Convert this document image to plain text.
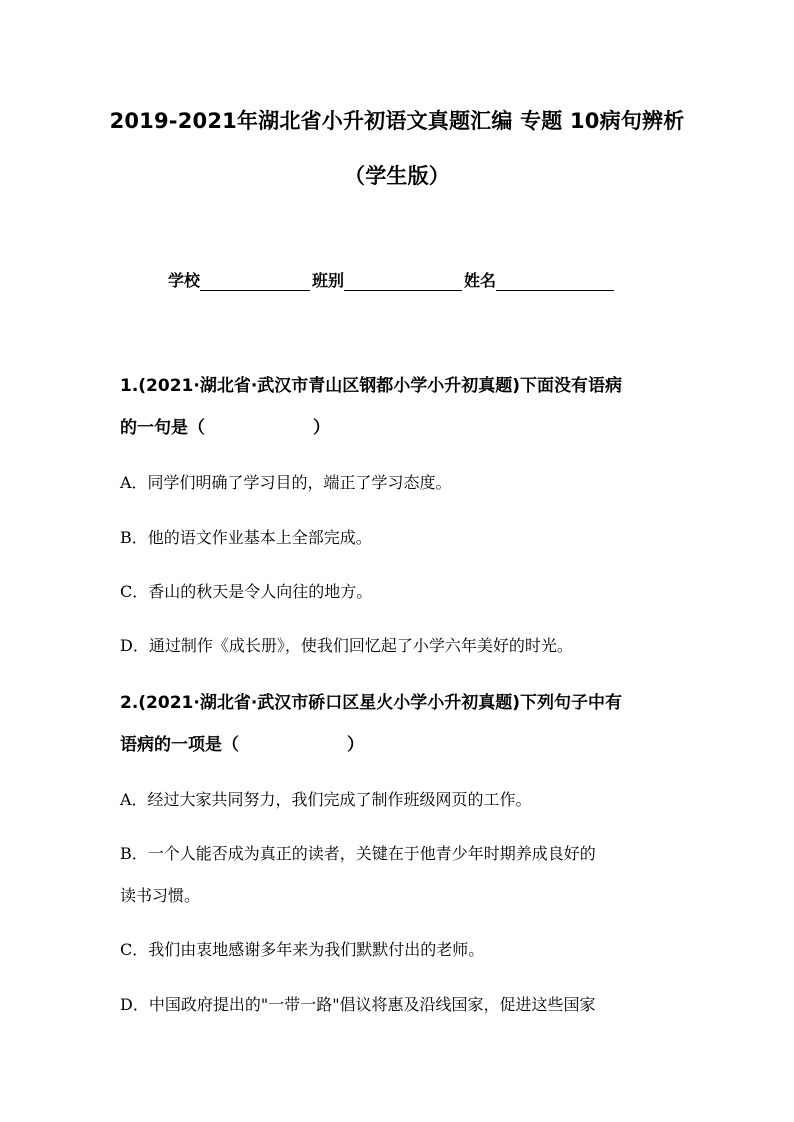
2019-2021年湖北省小升初语文真题汇编 专题 10病句辨析
（学生版）
学校	班别	姓名
1.(2021·湖北省·武汉市青山区钢都小学小升初真题)下面没有语病
的一句是（	）
A．同学们明确了学习目的，端正了学习态度。
B．他的语文作业基本上全部完成。
C．香山的秋天是令人向往的地方。
D．通过制作《成长册》，使我们回忆起了小学六年美好的时光。
2.(2021·湖北省·武汉市硚口区星火小学小升初真题)下列句子中有
语病的一项是（	）
A．经过大家共同努力，我们完成了制作班级网页的工作。
B．一个人能否成为真正的读者，关键在于他青少年时期养成良好的
读书习惯。
C．我们由衷地感谢多年来为我们默默付出的老师。
D．中国政府提出的"一带一路"倡议将惠及沿线国家，促进这些国家
